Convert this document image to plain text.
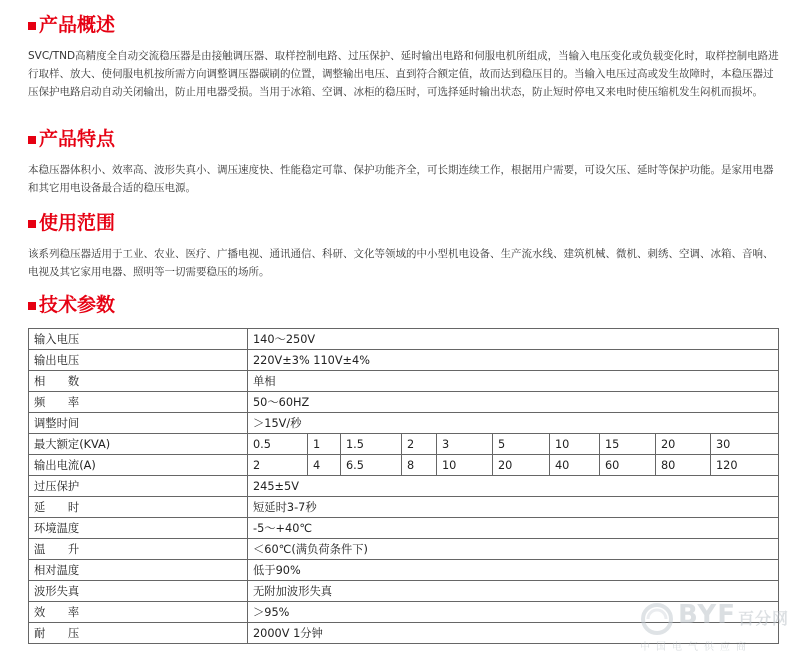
产品概述
SVC/TND高精度全自动交流稳压器是由接触调压器、取样控制电路、过压保护、延时输出电路和伺服电机所组成，当输入电压变化或负载变化时，取样控制电路进行取样、放大、使伺服电机按所需方向调整调压器碳刷的位置，调整输出电压、直到符合额定值，故而达到稳压目的。当输入电压过高或发生故障时，本稳压器过压保护电路启动自动关闭输出，防止用电器受损。当用于冰箱、空调、冰柜的稳压时，可选择延时输出状态，防止短时停电又来电时使压缩机发生闷机而损坏。
产品特点
本稳压器体积小、效率高、波形失真小、调压速度快、性能稳定可靠、保护功能齐全，可长期连续工作，根据用户需要，可设欠压、延时等保护功能。是家用电器和其它用电设备最合适的稳压电源。
使用范围
该系列稳压器适用于工业、农业、医疗、广播电视、通讯通信、科研、文化等领域的中小型机电设备、生产流水线、建筑机械、微机、刺绣、空调、冰箱、音响、电视及其它家用电器、照明等一切需要稳压的场所。
技术参数
输入电压	140～250V									
输出电压	220V±3% 110V±4%									
相　　数	单相									
频　　率	50～60HZ									
调整时间	＞15V/秒									
最大额定(KVA)	0.5	1	1.5	2	3	5	10	15	20	30
输出电流(A)	2	4	6.5	8	10	20	40	60	80	120
过压保护	245±5V									
延　　时	短延时3-7秒									
环境温度	-5～+40℃									
温　　升	＜60℃(满负荷条件下)									
相对温度	低于90%									
波形失真	无附加波形失真									
效　　率	＞95%									
耐　　压	2000V 1分钟									
BYF 百分网
中国电气供应商
